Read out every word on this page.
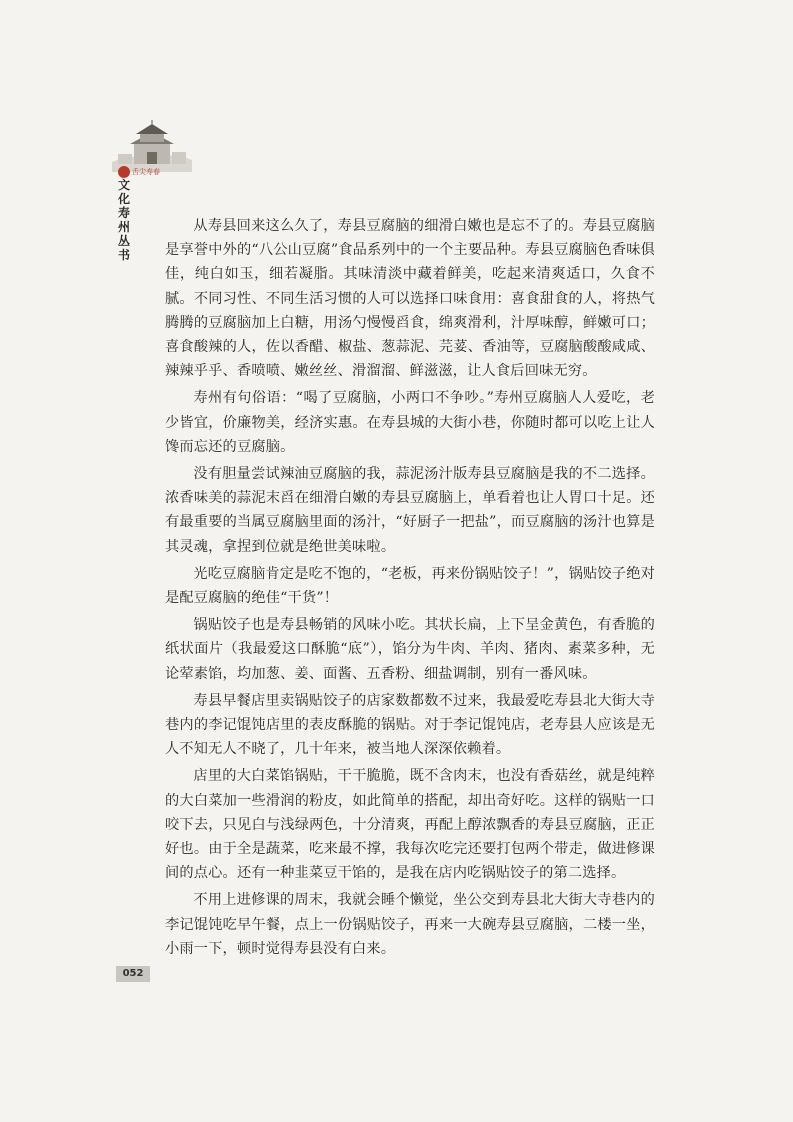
舌尖寿春
文化寿州丛书

从寿县回来这么久了，寿县豆腐脑的细滑白嫩也是忘不了的。寿县豆腐脑是享誉中外的“八公山豆腐”食品系列中的一个主要品种。寿县豆腐脑色香味俱佳，纯白如玉，细若凝脂。其味清淡中藏着鲜美，吃起来清爽适口，久食不腻。不同习性、不同生活习惯的人可以选择口味食用：喜食甜食的人，将热气腾腾的豆腐脑加上白糖，用汤勺慢慢舀食，绵爽滑利，汁厚味醇，鲜嫩可口；喜食酸辣的人，佐以香醋、椒盐、葱蒜泥、芫荽、香油等，豆腐脑酸酸咸咸、辣辣乎乎、香喷喷、嫩丝丝、滑溜溜、鲜滋滋，让人食后回味无穷。

寿州有句俗语：“喝了豆腐脑，小两口不争吵。”寿州豆腐脑人人爱吃，老少皆宜，价廉物美，经济实惠。在寿县城的大街小巷，你随时都可以吃上让人馋而忘还的豆腐脑。

没有胆量尝试辣油豆腐脑的我，蒜泥汤汁版寿县豆腐脑是我的不二选择。浓香味美的蒜泥末舀在细滑白嫩的寿县豆腐脑上，单看着也让人胃口十足。还有最重要的当属豆腐脑里面的汤汁，“好厨子一把盐”，而豆腐脑的汤汁也算是其灵魂，拿捏到位就是绝世美味啦。

光吃豆腐脑肯定是吃不饱的，“老板，再来份锅贴饺子！”，锅贴饺子绝对是配豆腐脑的绝佳“干货”！

锅贴饺子也是寿县畅销的风味小吃。其状长扁，上下呈金黄色，有香脆的纸状面片（我最爱这口酥脆“底”），馅分为牛肉、羊肉、猪肉、素菜多种，无论荤素馅，均加葱、姜、面酱、五香粉、细盐调制，别有一番风味。

寿县早餐店里卖锅贴饺子的店家数都数不过来，我最爱吃寿县北大街大寺巷内的李记馄饨店里的表皮酥脆的锅贴。对于李记馄饨店，老寿县人应该是无人不知无人不晓了，几十年来，被当地人深深依赖着。

店里的大白菜馅锅贴，干干脆脆，既不含肉末，也没有香菇丝，就是纯粹的大白菜加一些滑润的粉皮，如此简单的搭配，却出奇好吃。这样的锅贴一口咬下去，只见白与浅绿两色，十分清爽，再配上醇浓飘香的寿县豆腐脑，正正好也。由于全是蔬菜，吃来最不撑，我每次吃完还要打包两个带走，做进修课间的点心。还有一种韭菜豆干馅的，是我在店内吃锅贴饺子的第二选择。

不用上进修课的周末，我就会睡个懒觉，坐公交到寿县北大街大寺巷内的李记馄饨吃早午餐，点上一份锅贴饺子，再来一大碗寿县豆腐脑，二楼一坐，小雨一下，顿时觉得寿县没有白来。

052
